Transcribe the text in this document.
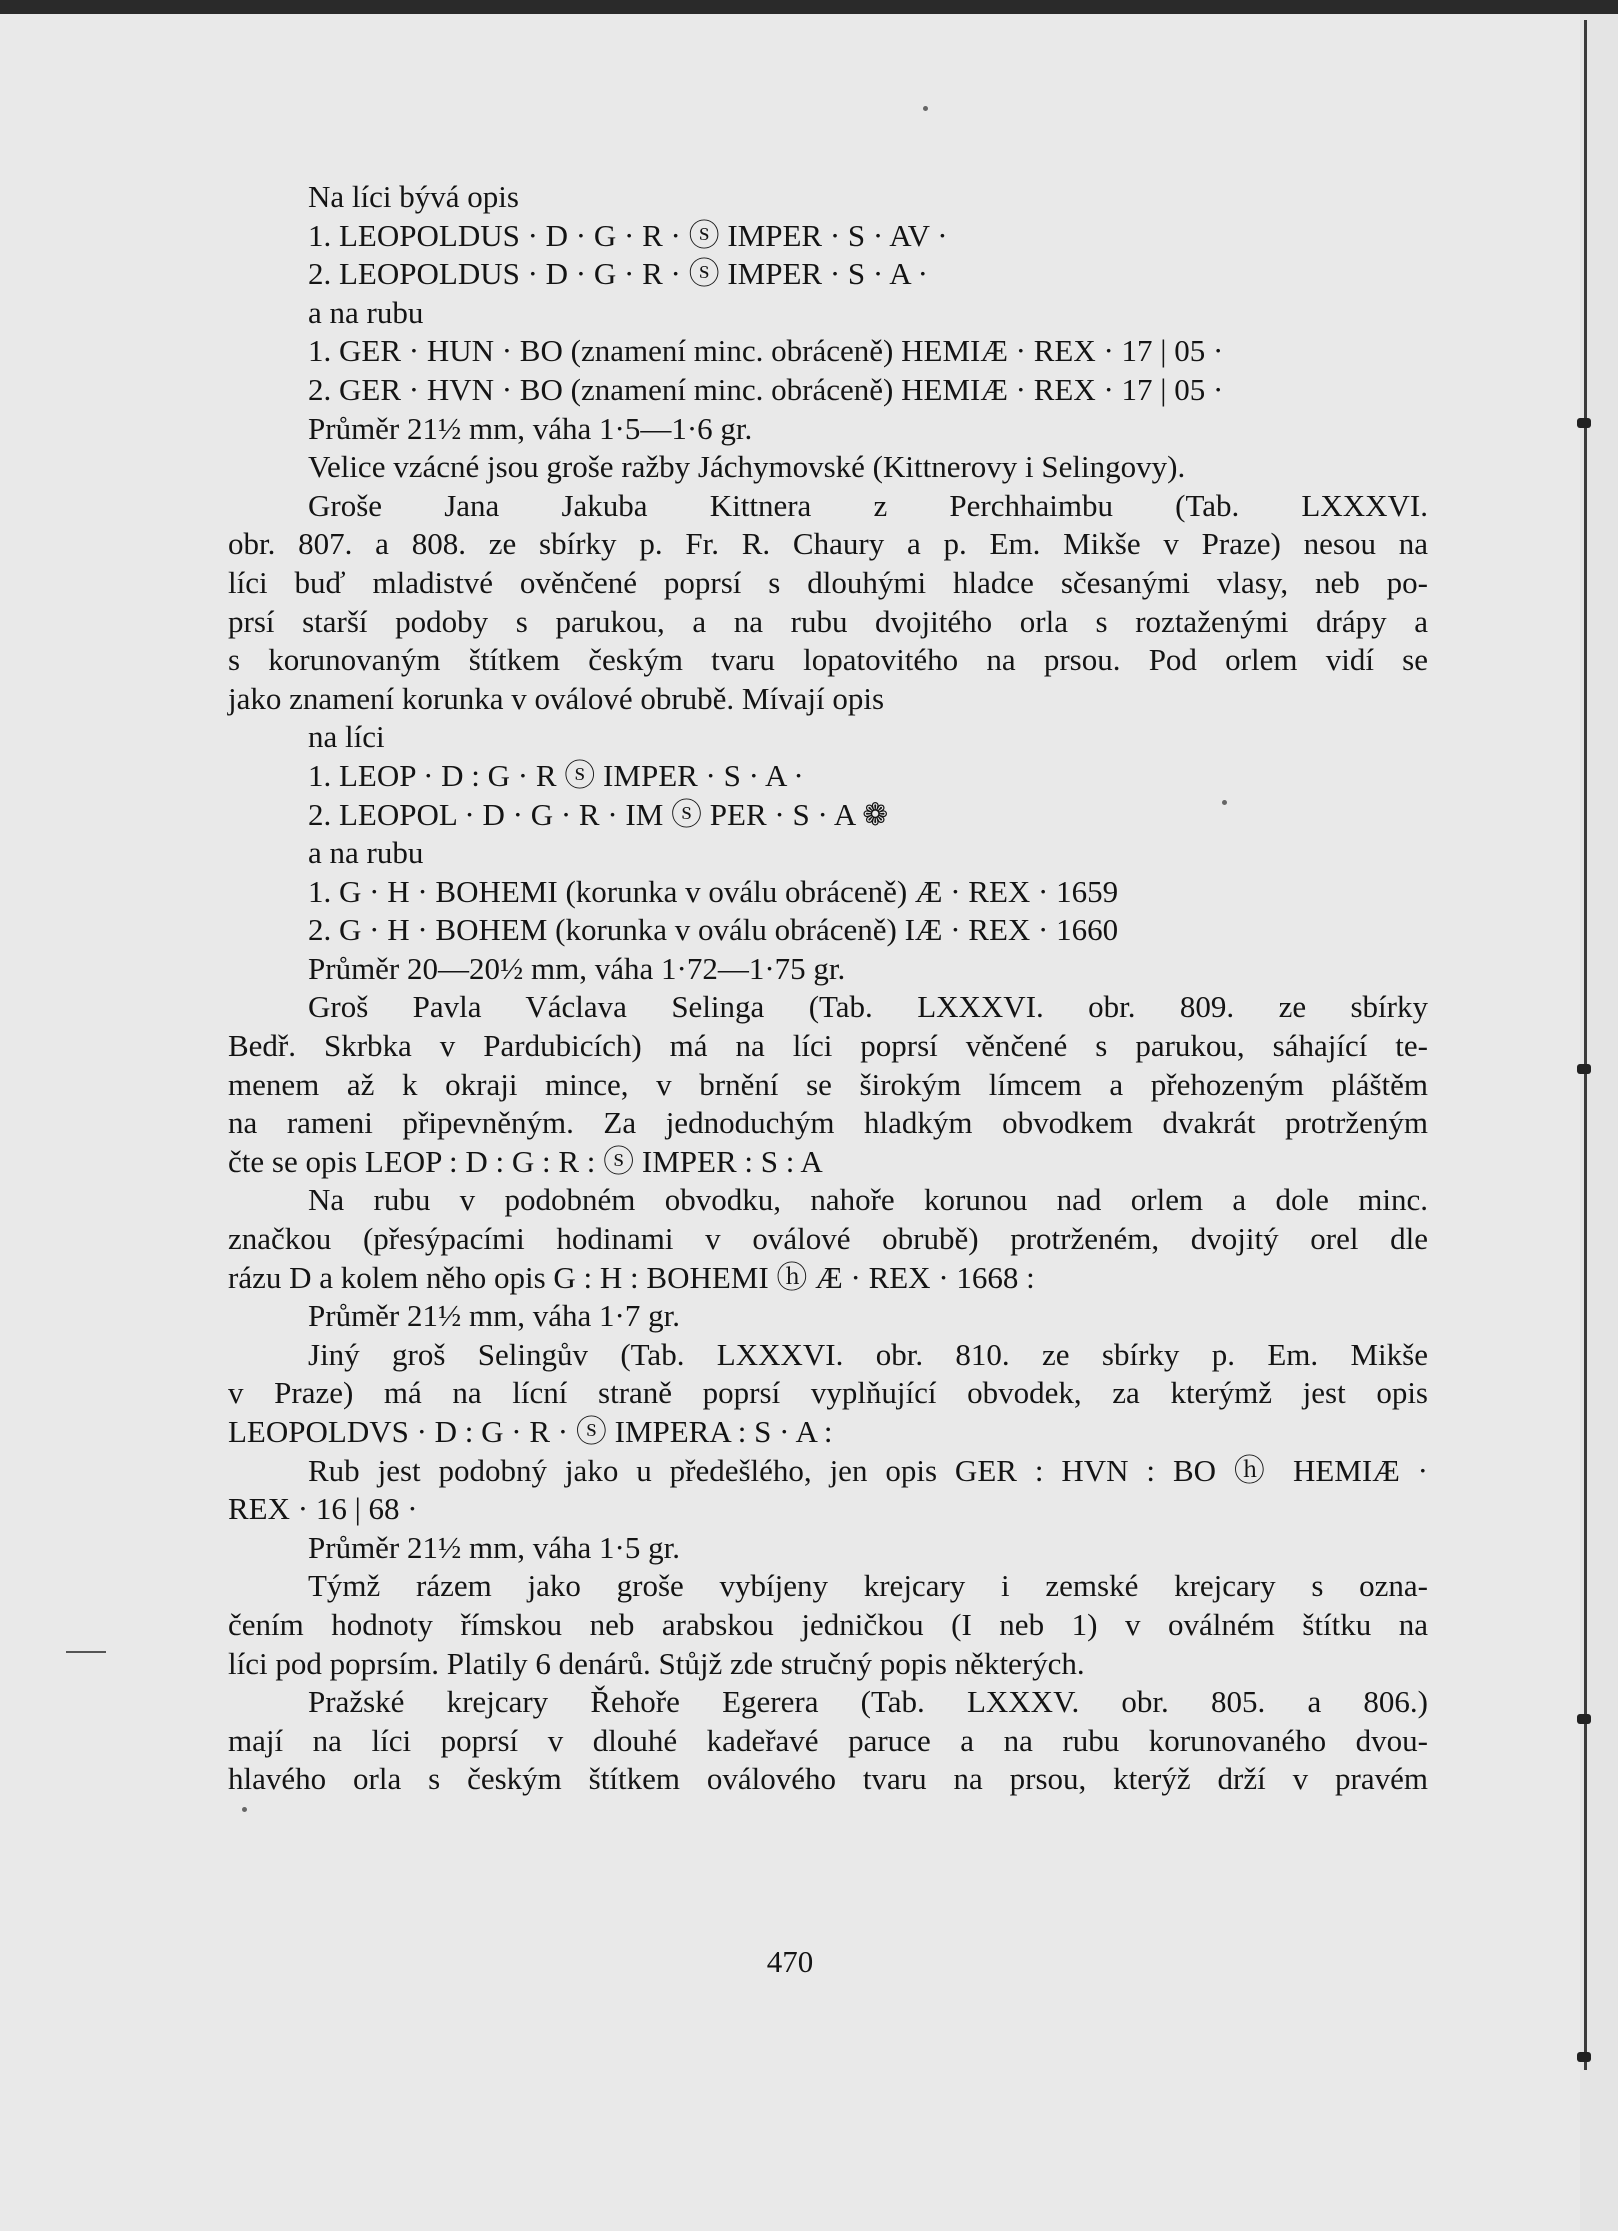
Na líci bývá opis

1. LEOPOLDUS · D · G · R · ⓢ IMPER · S · AV ·

2. LEOPOLDUS · D · G · R · ⓢ IMPER · S · A ·

a na rubu

1. GER · HUN · BO (znamení minc. obráceně) HEMIÆ · REX · 17 | 05 ·

2. GER · HVN · BO (znamení minc. obráceně) HEMIÆ · REX · 17 | 05 ·

Průměr 21½ mm, váha 1·5—1·6 gr.

Velice vzácné jsou groše ražby Jáchymovské (Kittnerovy i Selingovy).

Groše Jana Jakuba Kittnera z Perchhaimbu (Tab. LXXXVI.

obr. 807. a 808. ze sbírky p. Fr. R. Chaury a p. Em. Mikše v Praze) nesou na

líci buď mladistvé ověnčené poprsí s dlouhými hladce sčesanými vlasy, neb po-

prsí starší podoby s parukou, a na rubu dvojitého orla s roztaženými drápy a

s korunovaným štítkem českým tvaru lopatovitého na prsou. Pod orlem vidí se

jako znamení korunka v oválové obrubě. Mívají opis

na líci

1. LEOP · D : G · R ⓢ IMPER · S · A ·

2. LEOPOL · D · G · R · IM ⓢ PER · S · A ❁

a na rubu

1. G · H · BOHEMI (korunka v oválu obráceně) Æ · REX · 1659

2. G · H · BOHEM (korunka v oválu obráceně) IÆ · REX · 1660

Průměr 20—20½ mm, váha 1·72—1·75 gr.

Groš Pavla Václava Selinga (Tab. LXXXVI. obr. 809. ze sbírky

Bedř. Skrbka v Pardubicích) má na líci poprsí věnčené s parukou, sáhající te-

menem až k okraji mince, v brnění se širokým límcem a přehozeným pláštěm

na rameni připevněným. Za jednoduchým hladkým obvodkem dvakrát protrženým

čte se opis LEOP : D : G : R : ⓢ IMPER : S : A

Na rubu v podobném obvodku, nahoře korunou nad orlem a dole minc.

značkou (přesýpacími hodinami v oválové obrubě) protrženém, dvojitý orel dle

rázu D a kolem něho opis G : H : BOHEMI ⓗ Æ · REX · 1668 :

Průměr 21½ mm, váha 1·7 gr.

Jiný groš Selingův (Tab. LXXXVI. obr. 810. ze sbírky p. Em. Mikše

v Praze) má na lícní straně poprsí vyplňující obvodek, za kterýmž jest opis

LEOPOLDVS · D : G · R · ⓢ IMPERA : S · A :

Rub jest podobný jako u předešlého, jen opis GER : HVN : BO ⓗ HEMIÆ ·

REX · 16 | 68 ·

Průměr 21½ mm, váha 1·5 gr.

Týmž rázem jako groše vybíjeny krejcary i zemské krejcary s ozna-

čením hodnoty římskou neb arabskou jedničkou (I neb 1) v oválném štítku na

líci pod poprsím. Platily 6 denárů. Stůjž zde stručný popis některých.

Pražské krejcary Řehoře Egerera (Tab. LXXXV. obr. 805. a 806.)

mají na líci poprsí v dlouhé kadeřavé paruce a na rubu korunovaného dvou-

hlavého orla s českým štítkem oválového tvaru na prsou, kterýž drží v pravém

470
